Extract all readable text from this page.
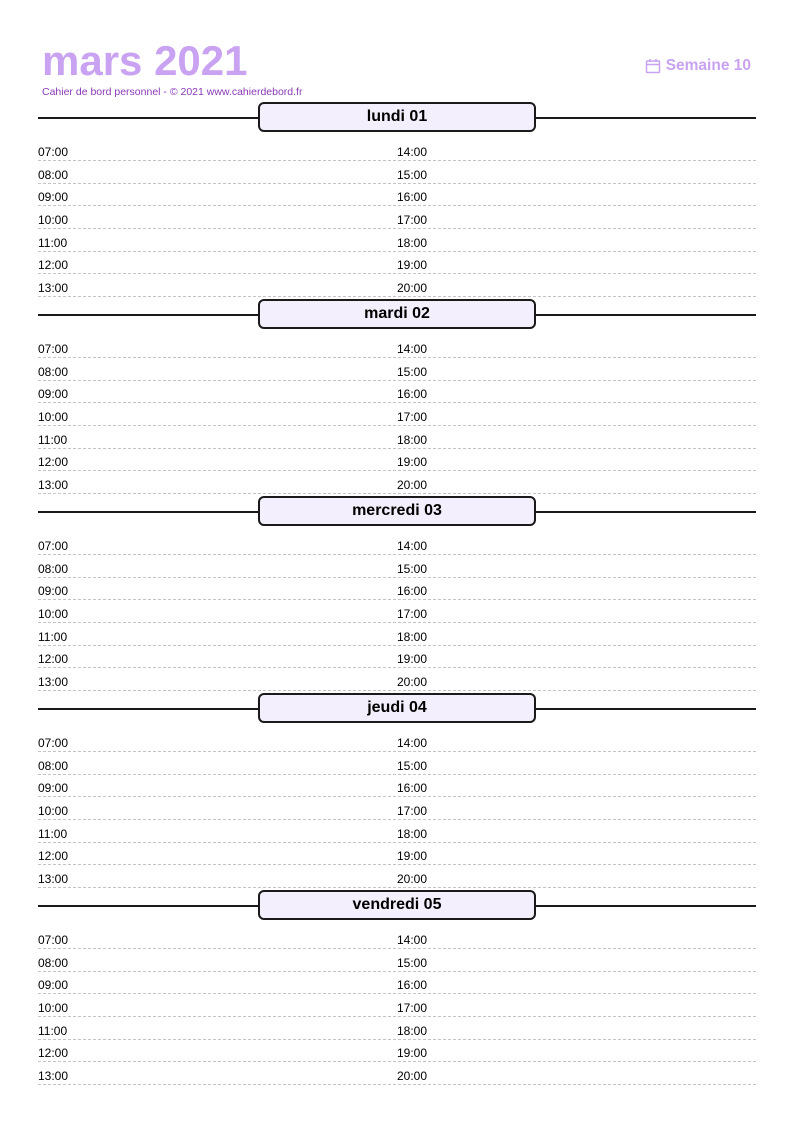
mars 2021
Cahier de bord personnel - © 2021 www.cahierdebord.fr
Semaine 10
lundi 01
07:00	14:00
08:00	15:00
09:00	16:00
10:00	17:00
11:00	18:00
12:00	19:00
13:00	20:00
mardi 02
07:00	14:00
08:00	15:00
09:00	16:00
10:00	17:00
11:00	18:00
12:00	19:00
13:00	20:00
mercredi 03
07:00	14:00
08:00	15:00
09:00	16:00
10:00	17:00
11:00	18:00
12:00	19:00
13:00	20:00
jeudi 04
07:00	14:00
08:00	15:00
09:00	16:00
10:00	17:00
11:00	18:00
12:00	19:00
13:00	20:00
vendredi 05
07:00	14:00
08:00	15:00
09:00	16:00
10:00	17:00
11:00	18:00
12:00	19:00
13:00	20:00
